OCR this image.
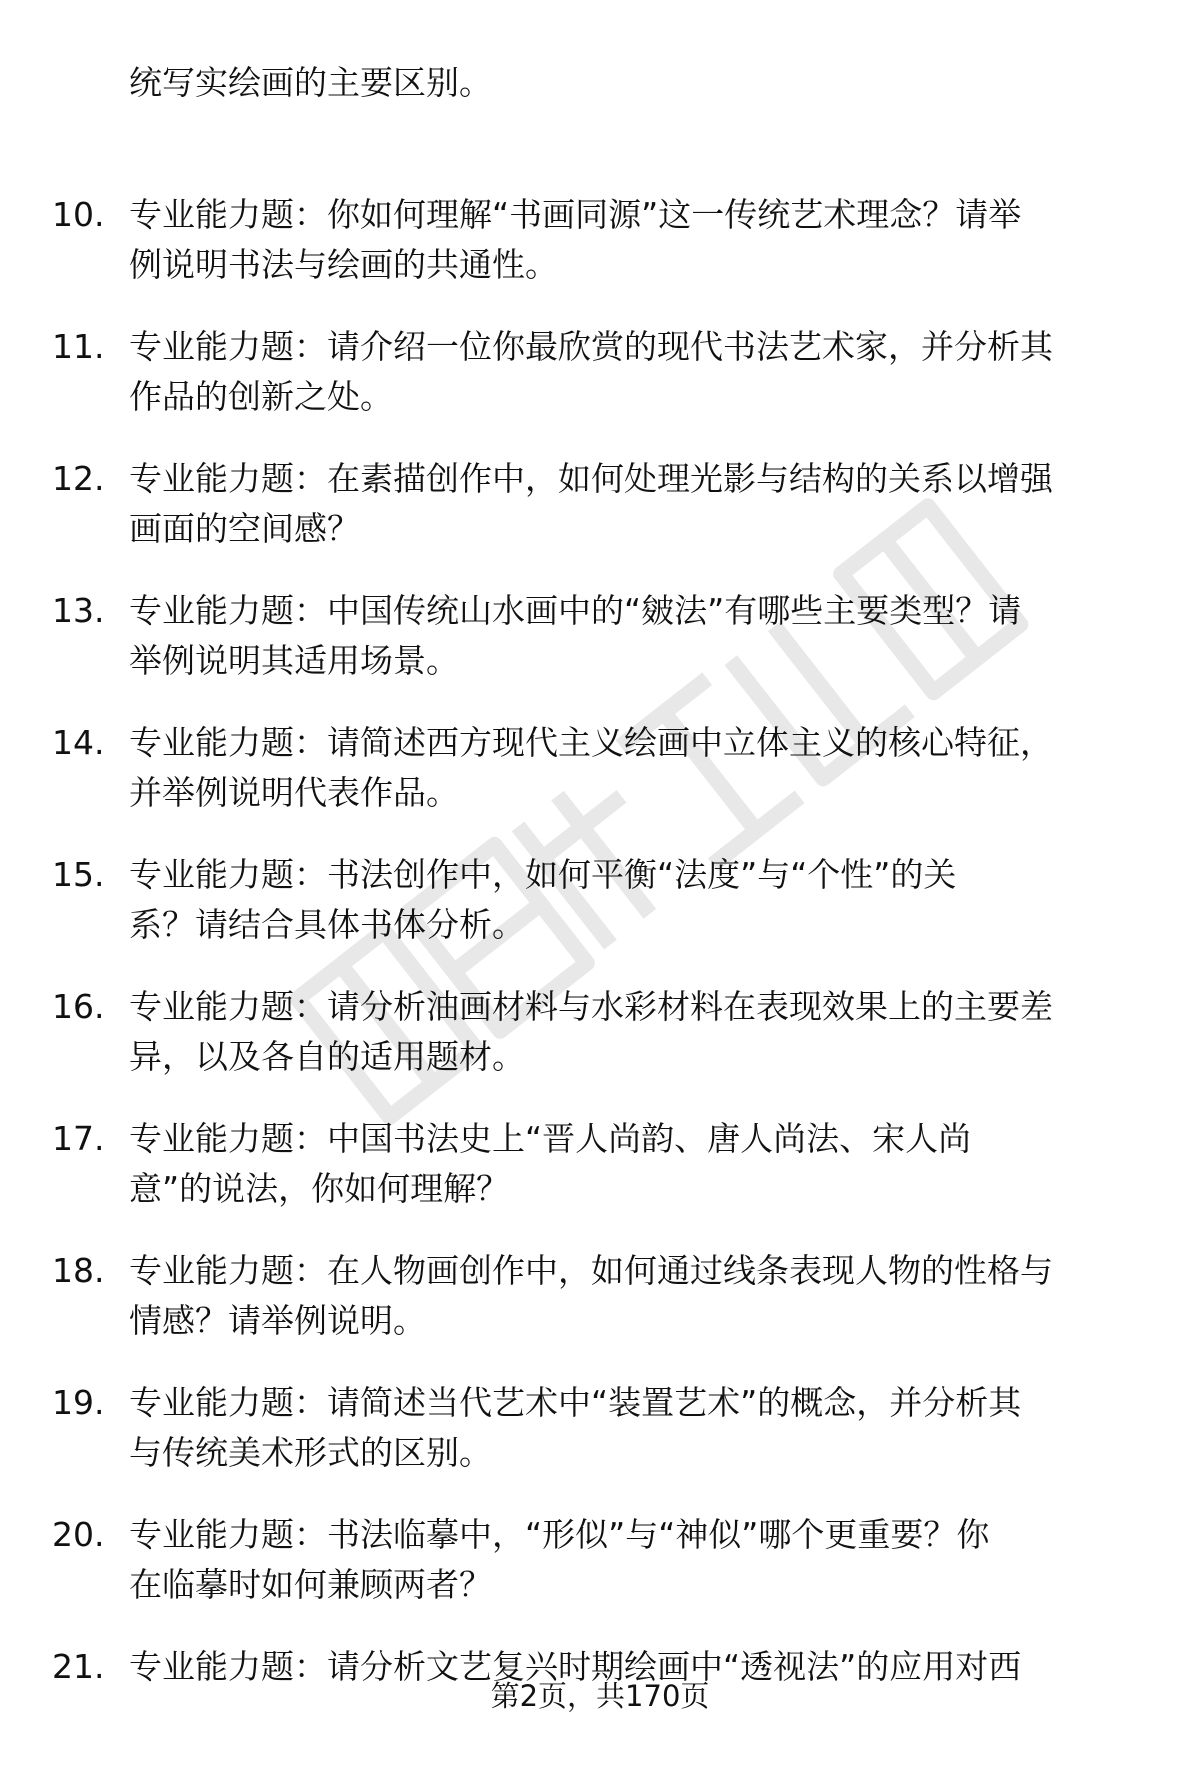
统写实绘画的主要区别。
10. 专业能力题：你如何理解“书画同源”这一传统艺术理念？请举
例说明书法与绘画的共通性。
11. 专业能力题：请介绍一位你最欣赏的现代书法艺术家，并分析其
作品的创新之处。
12. 专业能力题：在素描创作中，如何处理光影与结构的关系以增强
画面的空间感？
13. 专业能力题：中国传统山水画中的“皴法”有哪些主要类型？请
举例说明其适用场景。
14. 专业能力题：请简述西方现代主义绘画中立体主义的核心特征，
并举例说明代表作品。
15. 专业能力题：书法创作中，如何平衡“法度”与“个性”的关
系？请结合具体书体分析。
16. 专业能力题：请分析油画材料与水彩材料在表现效果上的主要差
异，以及各自的适用题材。
17. 专业能力题：中国书法史上“晋人尚韵、唐人尚法、宋人尚
意”的说法，你如何理解？
18. 专业能力题：在人物画创作中，如何通过线条表现人物的性格与
情感？请举例说明。
19. 专业能力题：请简述当代艺术中“装置艺术”的概念，并分析其
与传统美术形式的区别。
20. 专业能力题：书法临摹中，“形似”与“神似”哪个更重要？你
在临摹时如何兼顾两者？
21. 专业能力题：请分析文艺复兴时期绘画中“透视法”的应用对西
第2页，共170页
